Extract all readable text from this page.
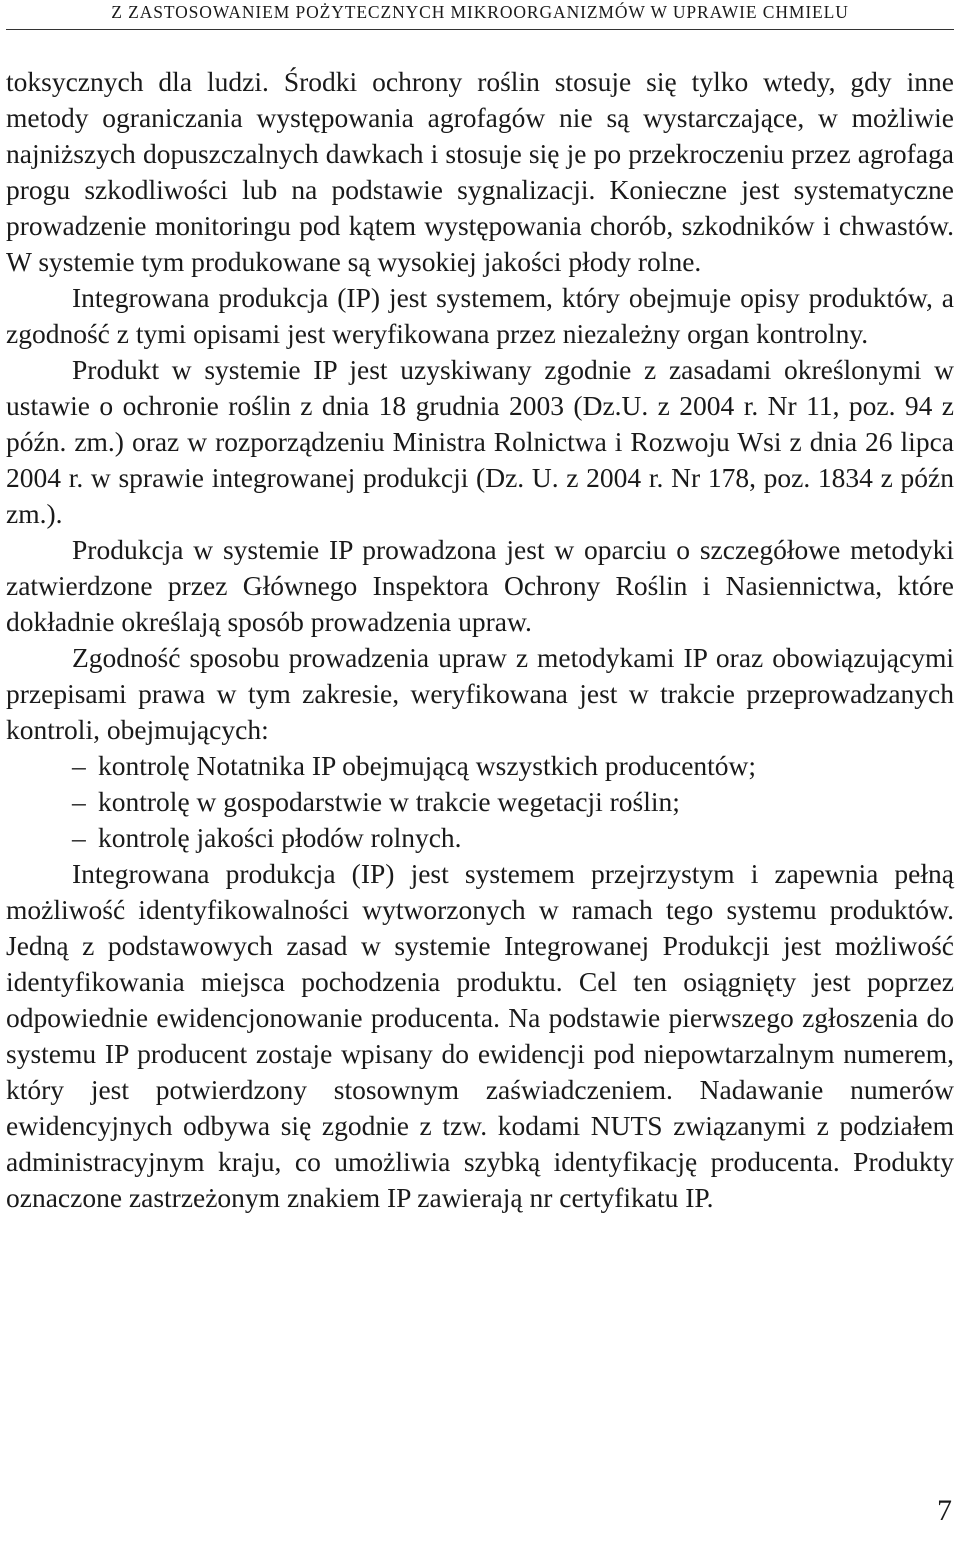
Z ZASTOSOWANIEM POŻYTECZNYCH MIKROORGANIZMÓW W UPRAWIE CHMIELU

toksycznych dla ludzi. Środki ochrony roślin stosuje się tylko wtedy, gdy inne metody ograniczania występowania agrofagów nie są wystarczające, w możliwie najniższych dopuszczalnych dawkach i stosuje się je po przekroczeniu przez agrofaga progu szkodliwości lub na podstawie sygnalizacji. Konieczne jest systematyczne prowadzenie monitoringu pod kątem występowania chorób, szkodników i chwastów. W systemie tym produkowane są wysokiej jakości płody rolne.

Integrowana produkcja (IP) jest systemem, który obejmuje opisy produktów, a zgodność z tymi opisami jest weryfikowana przez niezależny organ kontrolny.

Produkt w systemie IP jest uzyskiwany zgodnie z zasadami określonymi w ustawie o ochronie roślin z dnia 18 grudnia 2003 (Dz.U. z 2004 r. Nr 11, poz. 94 z późn. zm.) oraz w rozporządzeniu Ministra Rolnictwa i Rozwoju Wsi z dnia 26 lipca 2004 r. w sprawie integrowanej produkcji (Dz. U. z 2004 r. Nr 178, poz. 1834 z późn zm.).

Produkcja w systemie IP prowadzona jest w oparciu o szczegółowe metodyki zatwierdzone przez Głównego Inspektora Ochrony Roślin i Nasiennictwa, które dokładnie określają sposób prowadzenia upraw.

Zgodność sposobu prowadzenia upraw z metodykami IP oraz obowiązującymi przepisami prawa w tym zakresie, weryfikowana jest w trakcie przeprowadzanych kontroli, obejmujących:

– kontrolę Notatnika IP obejmującą wszystkich producentów;
– kontrolę w gospodarstwie w trakcie wegetacji roślin;
– kontrolę jakości płodów rolnych.

Integrowana produkcja (IP) jest systemem przejrzystym i zapewnia pełną możliwość identyfikowalności wytworzonych w ramach tego systemu produktów. Jedną z podstawowych zasad w systemie Integrowanej Produkcji jest możliwość identyfikowania miejsca pochodzenia produktu. Cel ten osiągnięty jest poprzez odpowiednie ewidencjonowanie producenta. Na podstawie pierwszego zgłoszenia do systemu IP producent zostaje wpisany do ewidencji pod niepowtarzalnym numerem, który jest potwierdzony stosownym zaświadczeniem. Nadawanie numerów ewidencyjnych odbywa się zgodnie z tzw. kodami NUTS związanymi z podziałem administracyjnym kraju, co umożliwia szybką identyfikację producenta. Produkty oznaczone zastrzeżonym znakiem IP zawierają nr certyfikatu IP.

7
